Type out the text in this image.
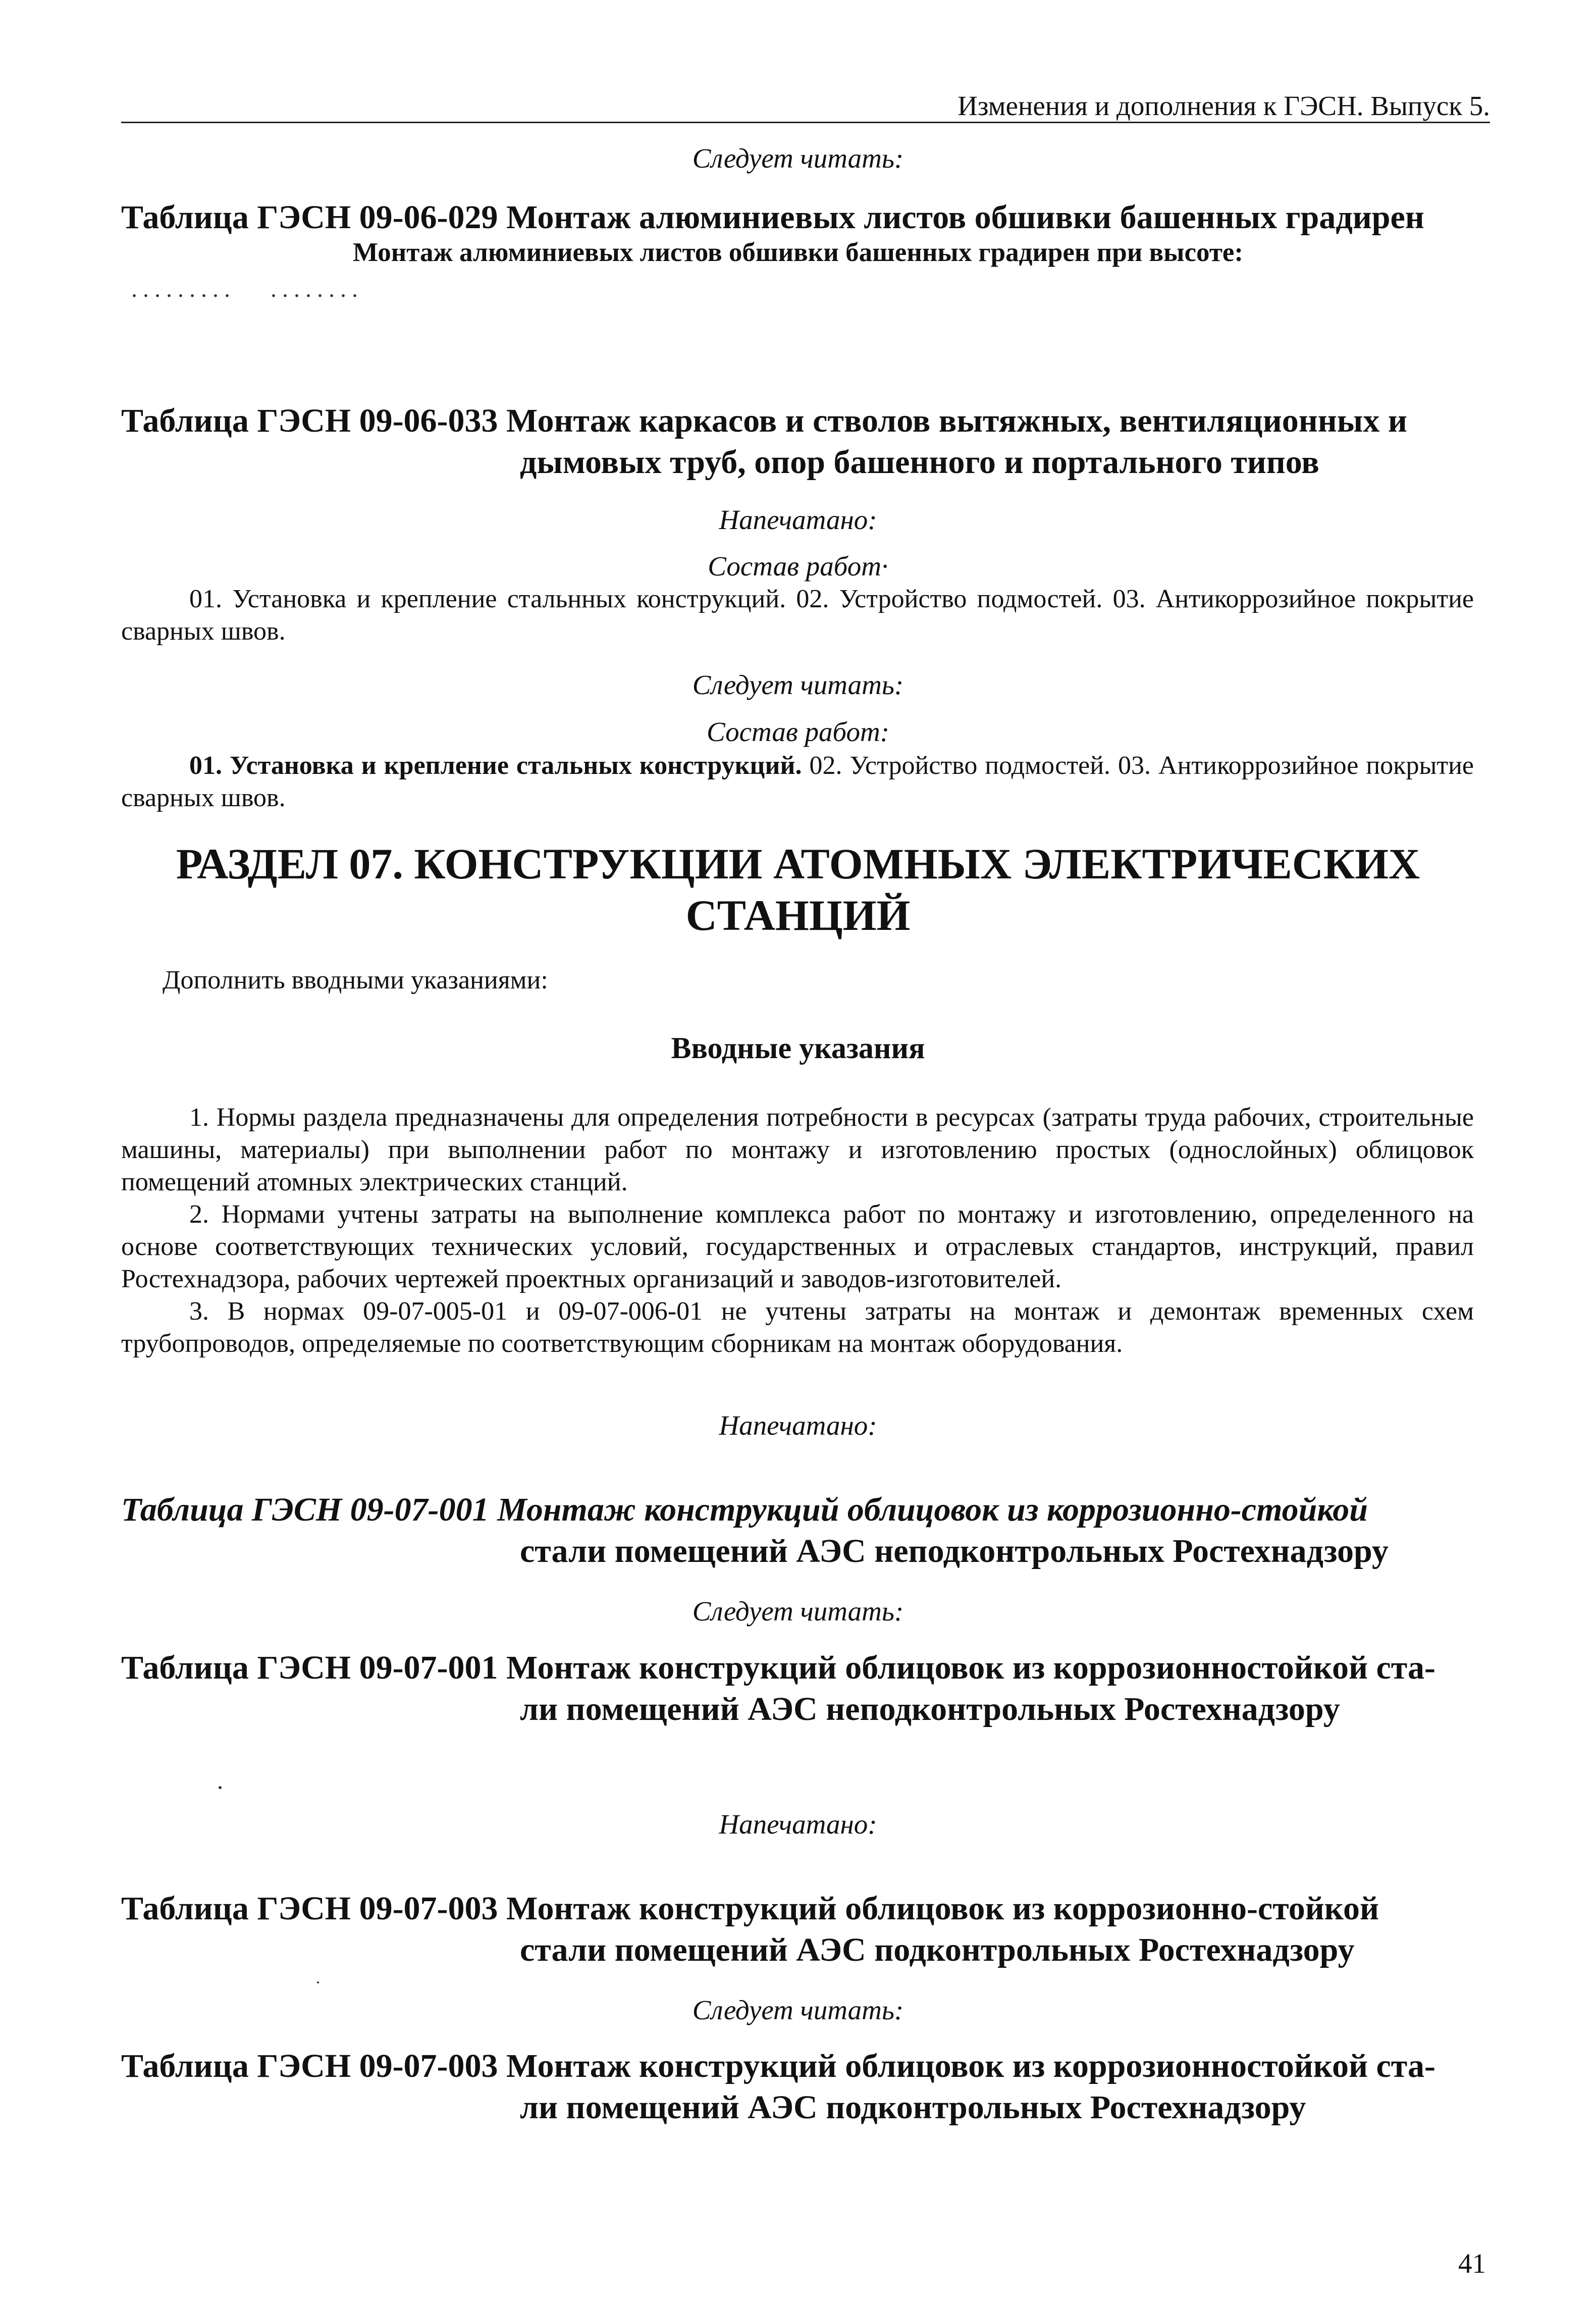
Изменения и дополнения к ГЭСН. Выпуск 5.
Следует читать:
Таблица ГЭСН 09-06-029 Монтаж алюминиевых листов обшивки башенных градирен
Монтаж алюминиевых листов обшивки башенных градирен при высоте:
.........   ........
Таблица ГЭСН 09-06-033 Монтаж каркасов и стволов вытяжных, вентиляционных и
дымовых труб, опор башенного и портального типов
Напечатано:
Состав работ·
01. Установка и крепление стальнных конструкций. 02. Устройство подмостей. 03. Антикоррозийное покрытие сварных швов.
Следует читать:
Состав работ:
01. Установка и крепление стальных конструкций. 02. Устройство подмостей. 03. Антикоррозийное покрытие сварных швов.
РАЗДЕЛ 07. КОНСТРУКЦИИ АТОМНЫХ ЭЛЕКТРИЧЕСКИХ
СТАНЦИЙ
Дополнить вводными указаниями:
Вводные указания
1. Нормы раздела предназначены для определения потребности в ресурсах (затраты труда рабочих, строительные машины, материалы) при выполнении работ по монтажу и изготовлению простых (однослойных) облицовок помещений атомных электрических станций.
2. Нормами учтены затраты на выполнение комплекса работ по монтажу и изготовлению, определенного на основе соответствующих технических условий, государственных и отраслевых стандартов, инструкций, правил Ростехнадзора, рабочих чертежей проектных организаций и заводов-изготовителей.
3. В нормах 09-07-005-01 и 09-07-006-01 не учтены затраты на монтаж и демонтаж временных схем трубопроводов, определяемые по соответствующим сборникам на монтаж оборудования.
Напечатано:
Таблица ГЭСН 09-07-001 Монтаж конструкций облицовок из коррозионно-стойкой
стали помещений АЭС неподконтрольных Ростехнадзору
Следует читать:
Таблица ГЭСН 09-07-001 Монтаж конструкций облицовок из коррозионностойкой ста-
ли помещений АЭС неподконтрольных Ростехнадзору
Напечатано:
Таблица ГЭСН 09-07-003 Монтаж конструкций облицовок из коррозионно-стойкой
стали помещений АЭС подконтрольных Ростехнадзору
Следует читать:
Таблица ГЭСН 09-07-003 Монтаж конструкций облицовок из коррозионностойкой ста-
ли помещений АЭС подконтрольных Ростехнадзору
41
